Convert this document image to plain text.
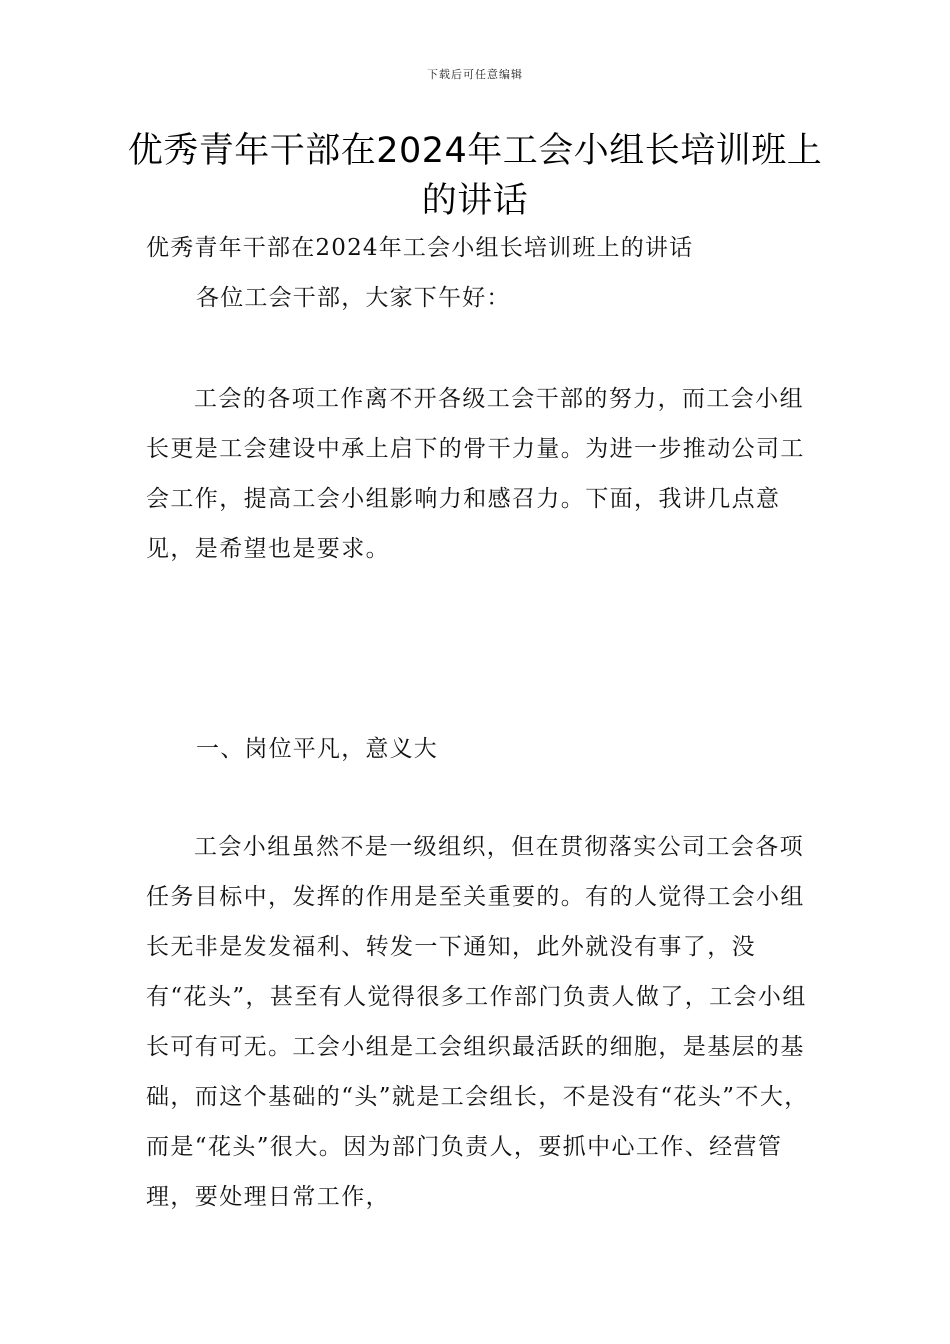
下载后可任意编辑
优秀青年干部在2024年工会小组长培训班上的讲话
优秀青年干部在2024年工会小组长培训班上的讲话
各位工会干部，大家下午好：
工会的各项工作离不开各级工会干部的努力，而工会小组长更是工会建设中承上启下的骨干力量。为进一步推动公司工会工作，提高工会小组影响力和感召力。下面，我讲几点意见，是希望也是要求。
一、岗位平凡，意义大
工会小组虽然不是一级组织，但在贯彻落实公司工会各项任务目标中，发挥的作用是至关重要的。有的人觉得工会小组长无非是发发福利、转发一下通知，此外就没有事了，没有“花头”，甚至有人觉得很多工作部门负责人做了，工会小组长可有可无。工会小组是工会组织最活跃的细胞，是基层的基础，而这个基础的“头”就是工会组长，不是没有“花头”不大，而是“花头”很大。因为部门负责人，要抓中心工作、经营管理，要处理日常工作，
